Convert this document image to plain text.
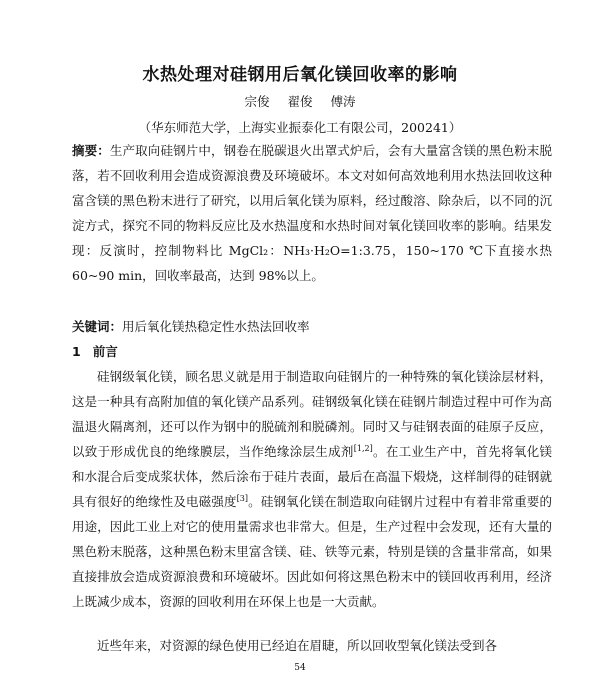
水热处理对硅钢用后氧化镁回收率的影响
宗俊 翟俊 傅涛
（华东师范大学，上海实业振泰化工有限公司，200241）

摘要：生产取向硅钢片中，钢卷在脱碳退火出罩式炉后，会有大量富含镁的黑色粉末脱落，若不回收利用会造成资源浪费及环境破坏。本文对如何高效地利用水热法回收这种富含镁的黑色粉末进行了研究，以用后氧化镁为原料，经过酸溶、除杂后，以不同的沉淀方式，探究不同的物料反应比及水热温度和水热时间对氧化镁回收率的影响。结果发现：反演时，控制物料比 MgCl₂：NH₃·H₂O=1:3.75，150~170 ℃下直接水热 60~90 min，回收率最高，达到 98%以上。

关键词：用后氧化镁热稳定性水热法回收率

1 前言

硅钢级氧化镁，顾名思义就是用于制造取向硅钢片的一种特殊的氧化镁涂层材料，这是一种具有高附加值的氧化镁产品系列。硅钢级氧化镁在硅钢片制造过程中可作为高温退火隔离剂，还可以作为钢中的脱硫剂和脱磷剂。同时又与硅钢表面的硅原子反应，以致于形成优良的绝缘膜层，当作绝缘涂层生成剂[1,2]。在工业生产中，首先将氧化镁和水混合后变成浆状体，然后涂布于硅片表面，最后在高温下煅烧，这样制得的硅钢就具有很好的绝缘性及电磁强度[3]。硅钢氧化镁在制造取向硅钢片过程中有着非常重要的用途，因此工业上对它的使用量需求也非常大。但是，生产过程中会发现，还有大量的黑色粉末脱落，这种黑色粉末里富含镁、硅、铁等元素，特别是镁的含量非常高，如果直接排放会造成资源浪费和环境破坏。因此如何将这黑色粉末中的镁回收再利用，经济上既减少成本，资源的回收利用在环保上也是一大贡献。

近些年来，对资源的绿色使用已经迫在眉睫，所以回收型氧化镁法受到各

54
